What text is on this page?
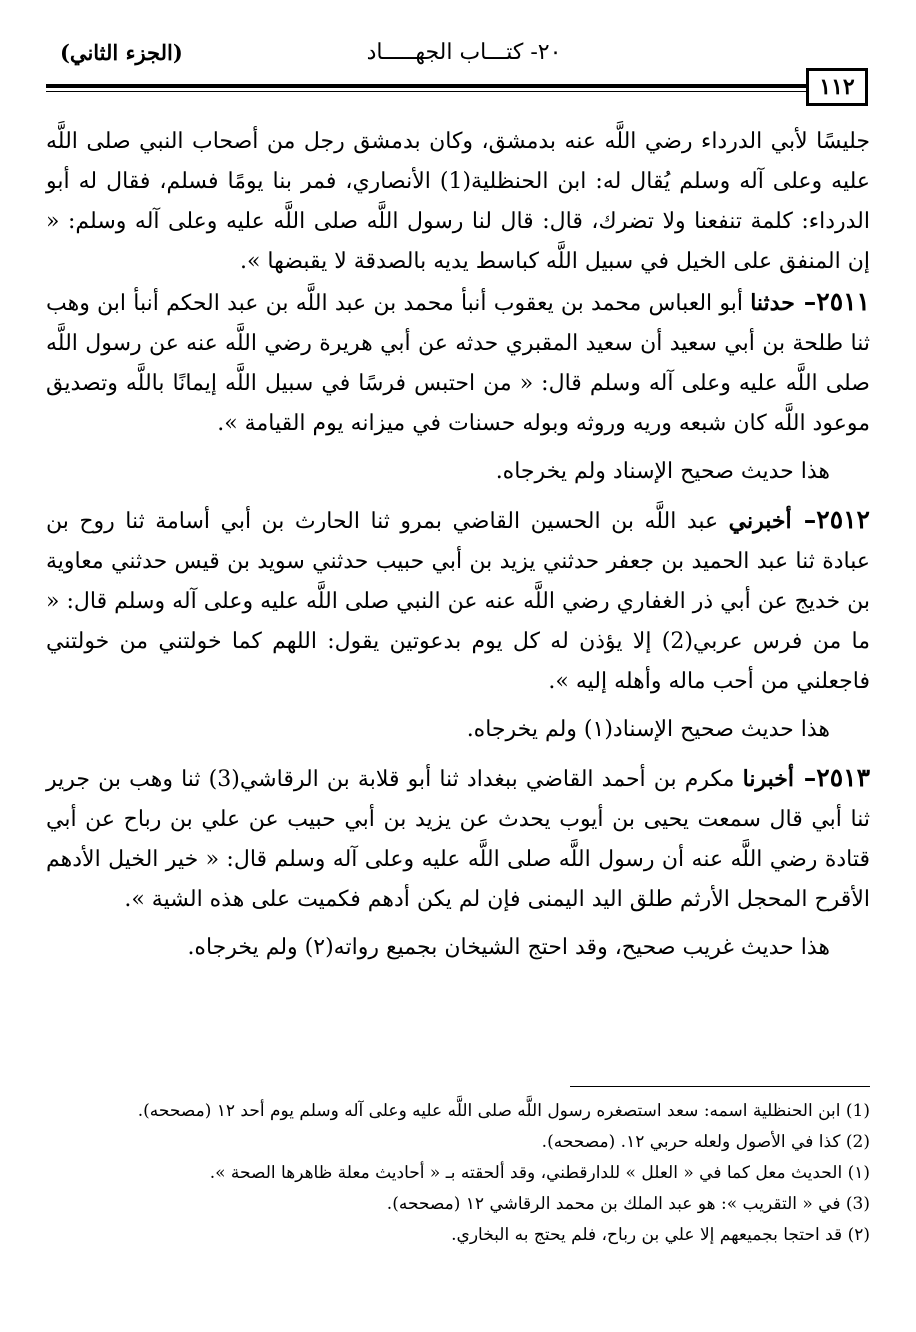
١١٢
٢٠- كتـــاب الجهـــــاد
(الجزء الثاني)

جليسًا لأبي الدرداء رضي اللَّه عنه بدمشق، وكان بدمشق رجل من أصحاب النبي صلى اللَّه عليه وعلى آله وسلم يُقال له: ابن الحنظلية(1) الأنصاري، فمر بنا يومًا فسلم، فقال له أبو الدرداء: كلمة تنفعنا ولا تضرك، قال: قال لنا رسول اللَّه صلى اللَّه عليه وعلى آله وسلم: « إن المنفق على الخيل في سبيل اللَّه كباسط يديه بالصدقة لا يقبضها ».

٢٥١١– حدثنا أبو العباس محمد بن يعقوب أنبأ محمد بن عبد اللَّه بن عبد الحكم أنبأ ابن وهب ثنا طلحة بن أبي سعيد أن سعيد المقبري حدثه عن أبي هريرة رضي اللَّه عنه عن رسول اللَّه صلى اللَّه عليه وعلى آله وسلم قال: « من احتبس فرسًا في سبيل اللَّه إيمانًا باللَّه وتصديق موعود اللَّه كان شبعه وريه وروثه وبوله حسنات في ميزانه يوم القيامة ».

هذا حديث صحيح الإسناد ولم يخرجاه.

٢٥١٢– أخبرني عبد اللَّه بن الحسين القاضي بمرو ثنا الحارث بن أبي أسامة ثنا روح بن عبادة ثنا عبد الحميد بن جعفر حدثني يزيد بن أبي حبيب حدثني سويد بن قيس حدثني معاوية بن خديج عن أبي ذر الغفاري رضي اللَّه عنه عن النبي صلى اللَّه عليه وعلى آله وسلم قال: « ما من فرس عربي(2) إلا يؤذن له كل يوم بدعوتين يقول: اللهم كما خولتني من خولتني فاجعلني من أحب ماله وأهله إليه ».

هذا حديث صحيح الإسناد(١) ولم يخرجاه.

٢٥١٣– أخبرنا مكرم بن أحمد القاضي ببغداد ثنا أبو قلابة بن الرقاشي(3) ثنا وهب بن جرير ثنا أبي قال سمعت يحيى بن أيوب يحدث عن يزيد بن أبي حبيب عن علي بن رباح عن أبي قتادة رضي اللَّه عنه أن رسول اللَّه صلى اللَّه عليه وعلى آله وسلم قال: « خير الخيل الأدهم الأقرح المحجل الأرثم طلق اليد اليمنى فإن لم يكن أدهم فكميت على هذه الشية ».

هذا حديث غريب صحيح، وقد احتج الشيخان بجميع رواته(٢) ولم يخرجاه.

(1) ابن الحنظلية اسمه: سعد استصغره رسول اللَّه صلى اللَّه عليه وعلى آله وسلم يوم أحد ١٢ (مصححه).
(2) كذا في الأصول ولعله حربي ١٢. (مصححه).
(١) الحديث معل كما في « العلل » للدارقطني، وقد ألحقته بـ « أحاديث معلة ظاهرها الصحة ».
(3) في « التقريب »: هو عبد الملك بن محمد الرقاشي ١٢ (مصححه).
(٢) قد احتجا بجميعهم إلا علي بن رباح، فلم يحتج به البخاري.
